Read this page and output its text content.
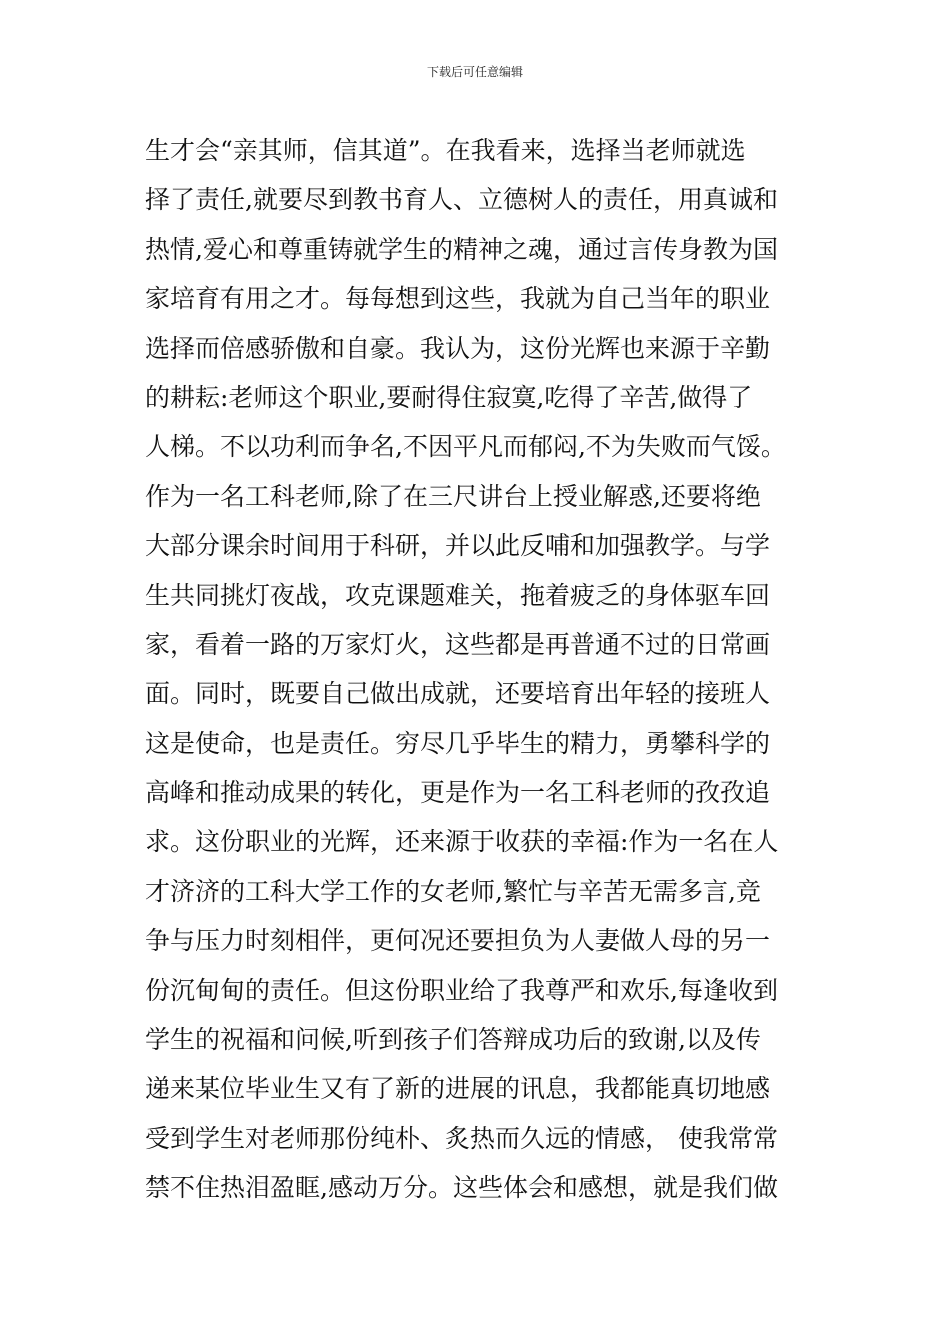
下载后可任意编辑
生才会“亲其师，信其道”。在我看来，选择当老师就选
择了责任,就要尽到教书育人、立德树人的责任，用真诚和
热情,爱心和尊重铸就学生的精神之魂，通过言传身教为国
家培育有用之才。每每想到这些，我就为自己当年的职业
选择而倍感骄傲和自豪。我认为，这份光辉也来源于辛勤
的耕耘:老师这个职业,要耐得住寂寞,吃得了辛苦,做得了
人梯。不以功利而争名,不因平凡而郁闷,不为失败而气馁。
作为一名工科老师,除了在三尺讲台上授业解惑,还要将绝
大部分课余时间用于科研，并以此反哺和加强教学。与学
生共同挑灯夜战，攻克课题难关，拖着疲乏的身体驱车回
家，看着一路的万家灯火，这些都是再普通不过的日常画
面。同时，既要自己做出成就，还要培育出年轻的接班人
这是使命，也是责任。穷尽几乎毕生的精力，勇攀科学的
高峰和推动成果的转化，更是作为一名工科老师的孜孜追
求。这份职业的光辉，还来源于收获的幸福:作为一名在人
才济济的工科大学工作的女老师,繁忙与辛苦无需多言,竞
争与压力时刻相伴，更何况还要担负为人妻做人母的另一
份沉甸甸的责任。但这份职业给了我尊严和欢乐,每逢收到
学生的祝福和问候,听到孩子们答辩成功后的致谢,以及传
递来某位毕业生又有了新的进展的讯息，我都能真切地感
受到学生对老师那份纯朴、炙热而久远的情感， 使我常常
禁不住热泪盈眶,感动万分。这些体会和感想，就是我们做
